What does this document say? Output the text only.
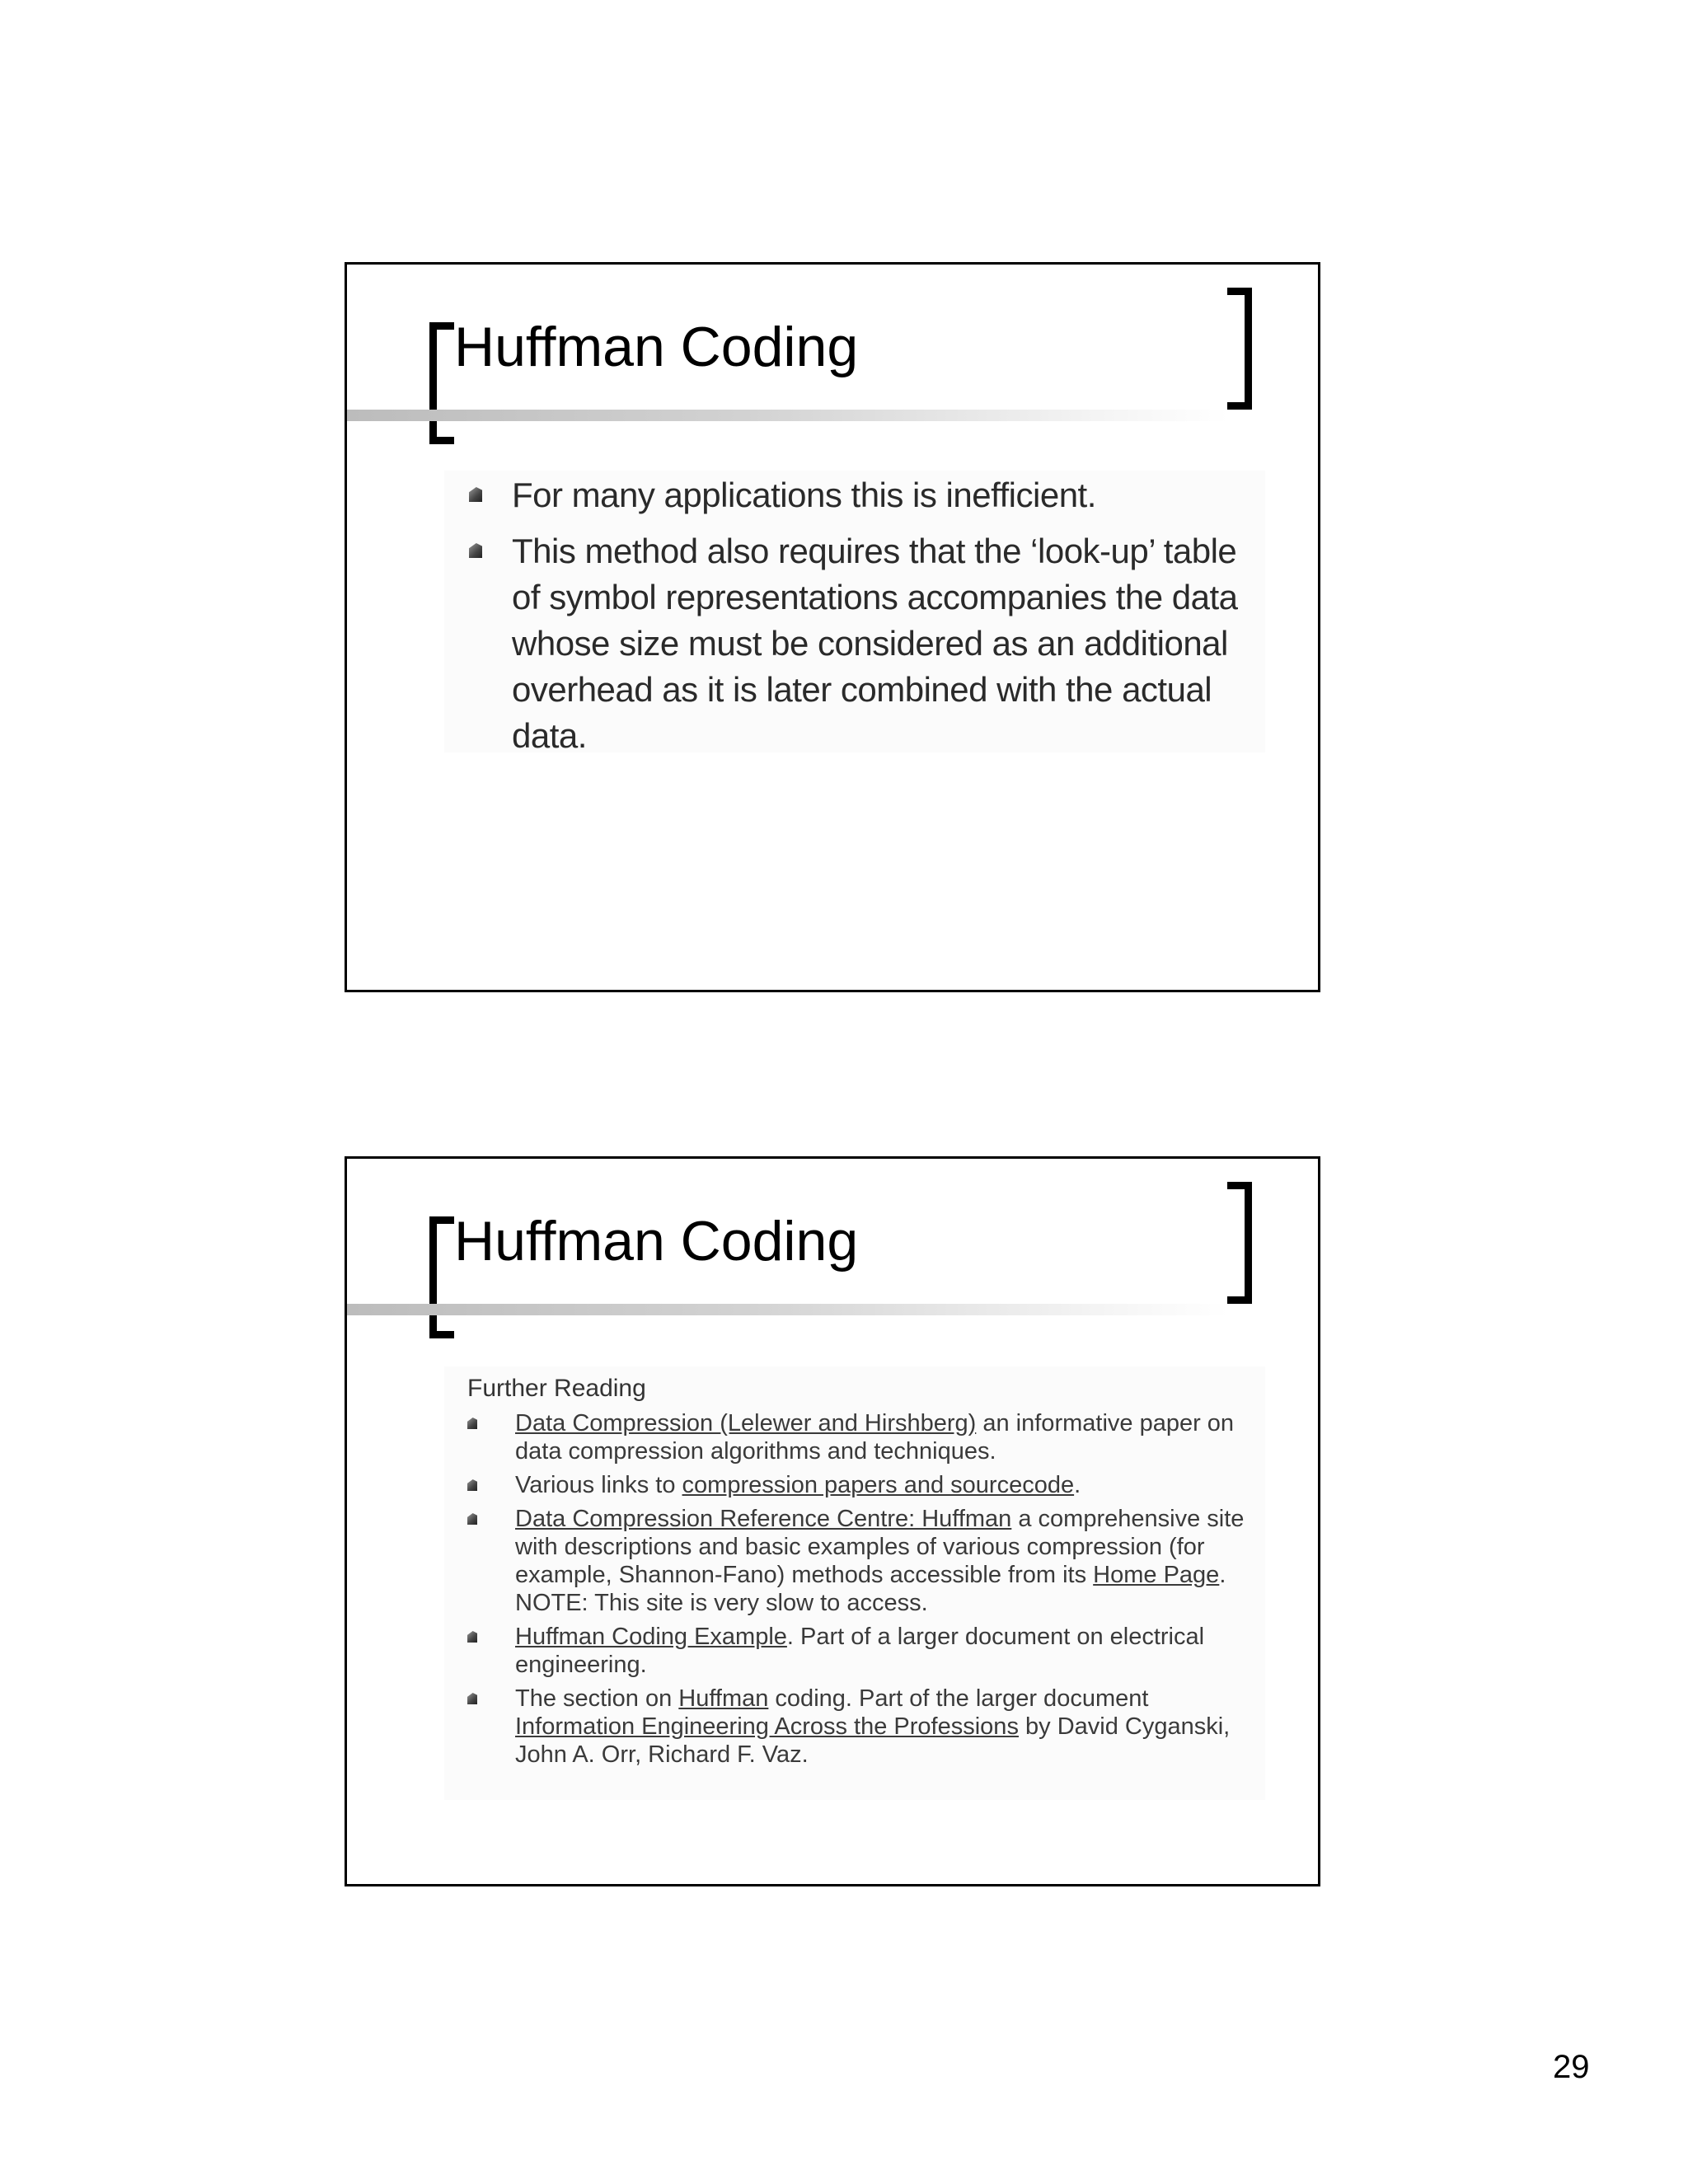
Huffman Coding
For many applications this is inefficient.
This method also requires that the ‘look-up’ table of symbol representations accompanies the data whose size must be considered as an additional overhead as it is later combined with the actual data.
Huffman Coding
Further Reading
Data Compression (Lelewer and Hirshberg) an informative paper on data compression algorithms and techniques.
Various links to compression papers and sourcecode.
Data Compression Reference Centre: Huffman a comprehensive site with descriptions and basic examples of various compression (for example, Shannon-Fano) methods accessible from its Home Page. NOTE: This site is very slow to access.
Huffman Coding Example. Part of a larger document on electrical engineering.
The section on Huffman coding. Part of the larger document Information Engineering Across the Professions by David Cyganski, John A. Orr, Richard F. Vaz.
29
